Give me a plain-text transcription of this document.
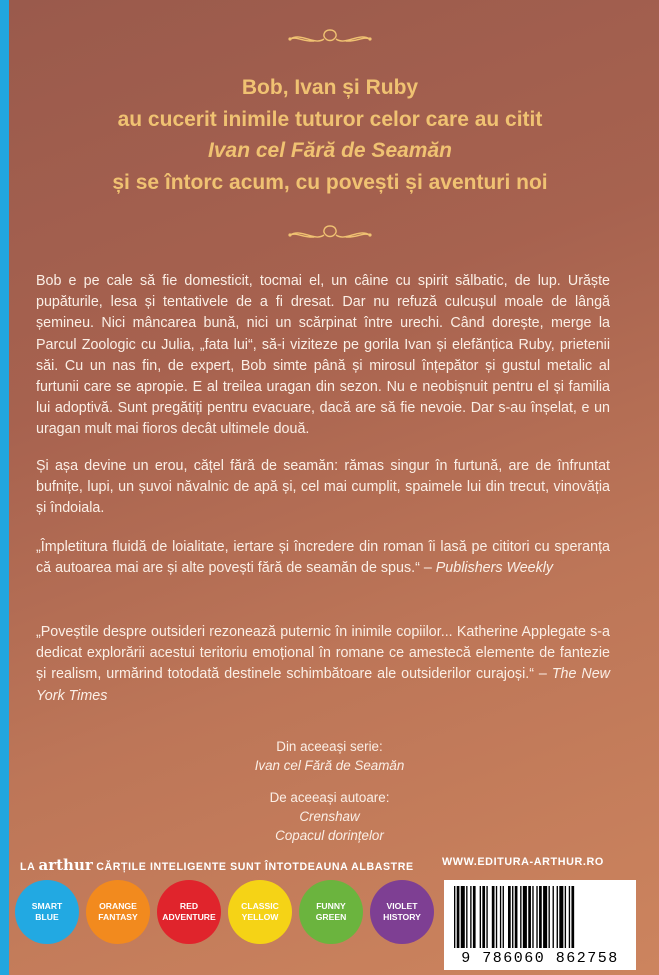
Bob, Ivan și Ruby
au cucerit inimile tuturor celor care au citit
Ivan cel Fără de Seamăn
și se întorc acum, cu povești și aventuri noi

Bob e pe cale să fie domesticit, tocmai el, un câine cu spirit sălbatic, de lup. Urăște pupăturile, lesa și tentativele de a fi dresat. Dar nu refuză culcușul moale de lângă șemineu. Nici mâncarea bună, nici un scărpinat între urechi. Când dorește, merge la Parcul Zoologic cu Julia, „fata lui“, să-i viziteze pe gorila Ivan și elefănțica Ruby, prietenii săi. Cu un nas fin, de expert, Bob simte până și mirosul înțepător și gustul metalic al furtunii care se apropie. E al treilea uragan din sezon. Nu e neobișnuit pentru el și familia lui adoptivă. Sunt pregătiți pentru evacuare, dacă are să fie nevoie. Dar s-au înșelat, e un uragan mult mai fioros decât ultimele două.

Și așa devine un erou, cățel fără de seamăn: rămas singur în furtună, are de înfruntat bufnițe, lupi, un șuvoi năvalnic de apă și, cel mai cumplit, spaimele lui din trecut, vinovăția și îndoiala.

„Împletitura fluidă de loialitate, iertare și încredere din roman îi lasă pe cititori cu speranța că autoarea mai are și alte povești fără de seamăn de spus.“ – Publishers Weekly

„Poveștile despre outsideri rezonează puternic în inimile copiilor... Katherine Applegate s-a dedicat explorării acestui teritoriu emoțional în romane ce amestecă elemente de fantezie și realism, urmărind totodată destinele schimbătoare ale outsiderilor curajoși.“ – The New York Times

Din aceeași serie:
Ivan cel Fără de Seamăn
De aceeași autoare:
Crenshaw
Copacul dorințelor
LA arthur CĂRȚILE INTELIGENTE SUNT ÎNTOTDEAUNA ALBASTRE	WWW.EDITURA-ARTHUR.RO
SMART
BLUE
ORANGE
FANTASY
RED
ADVENTURE
CLASSIC
YELLOW
FUNNY
GREEN
VIOLET
HISTORY
9 786060 862758
